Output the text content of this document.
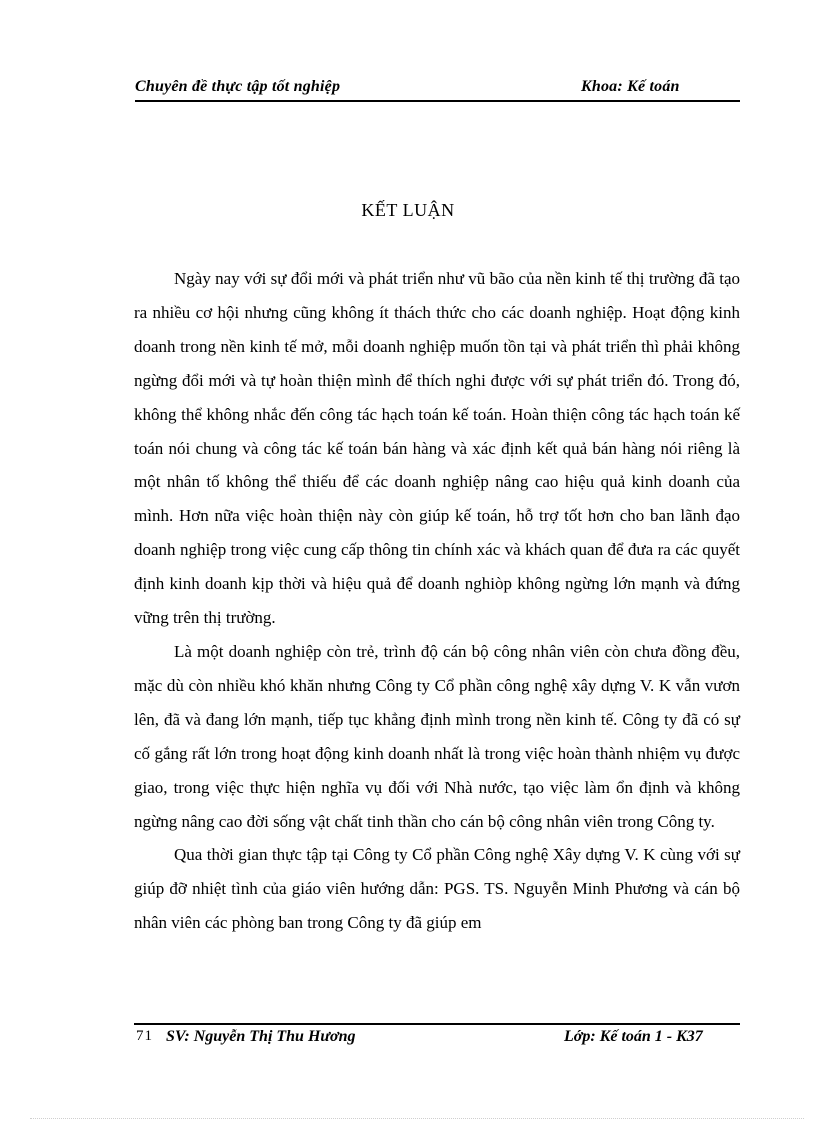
Chuyên đề thực tập tốt nghiệp	Khoa: Kế toán
KẾT LUẬN

Ngày nay với sự đổi mới và phát triển như vũ bão của nền kinh tế thị trường đã tạo ra nhiều cơ hội nhưng cũng không ít thách thức cho các doanh nghiệp. Hoạt động kinh doanh trong nền kinh tế mở, mỗi doanh nghiệp muốn tồn tại và phát triển thì phải không ngừng đổi mới và tự hoàn thiện mình để thích nghi được với sự phát triển đó. Trong đó, không thể không nhắc đến công tác hạch toán kế toán. Hoàn thiện công tác hạch toán kế toán nói chung và công tác kế toán bán hàng và xác định kết quả bán hàng nói riêng là một nhân tố không thể thiếu để các doanh nghiệp nâng cao hiệu quả kinh doanh của mình. Hơn nữa việc hoàn thiện này còn giúp kế toán, hỗ trợ tốt hơn cho ban lãnh đạo doanh nghiệp trong việc cung cấp thông tin chính xác và khách quan để đưa ra các quyết định kinh doanh kịp thời và hiệu quả để doanh nghiòp không ngừng lớn mạnh và đứng vững trên thị trường.

Là một doanh nghiệp còn trẻ, trình độ cán bộ công nhân viên còn chưa đồng đều, mặc dù còn nhiều khó khăn nhưng Công ty Cổ phần công nghệ xây dựng V. K vẫn vươn lên, đã và đang lớn mạnh, tiếp tục khẳng định mình trong nền kinh tế. Công ty đã có sự cố gắng rất lớn trong hoạt động kinh doanh nhất là trong việc hoàn thành nhiệm vụ được giao, trong việc thực hiện nghĩa vụ đối với Nhà nước, tạo việc làm ổn định và không ngừng nâng cao đời sống vật chất tinh thần cho cán bộ công nhân viên trong Công ty.

Qua thời gian thực tập tại Công ty Cổ phần Công nghệ Xây dựng V. K cùng với sự giúp đỡ nhiệt tình của giáo viên hướng dẫn: PGS. TS. Nguyễn Minh Phương và cán bộ nhân viên các phòng ban trong Công ty đã giúp em

71 SV: Nguyễn Thị Thu Hương	Lớp: Kế toán 1 - K37
